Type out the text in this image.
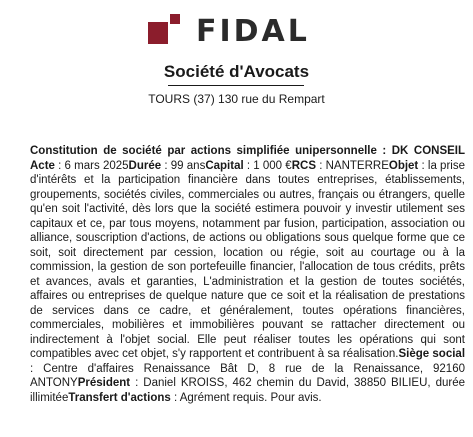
FIDAL
Société d'Avocats
TOURS (37) 130 rue du Rempart
Constitution de société par actions simplifiée unipersonnelle : DK CONSEIL Acte : 6 mars 2025Durée : 99 ansCapital : 1 000 €RCS : NANTERREObjet : la prise d'intérêts et la participation financière dans toutes entreprises, établissements, groupements, sociétés civiles, commerciales ou autres, français ou étrangers, quelle qu'en soit l'activité, dès lors que la société estimera pouvoir y investir utilement ses capitaux et ce, par tous moyens, notamment par fusion, participation, association ou alliance, souscription d'actions, de actions ou obligations sous quelque forme que ce soit, soit directement par cession, location ou régie, soit au courtage ou à la commission, la gestion de son portefeuille financier, l'allocation de tous crédits, prêts et avances, avals et garanties, L'administration et la gestion de toutes sociétés, affaires ou entreprises de quelque nature que ce soit et la réalisation de prestations de services dans ce cadre, et généralement, toutes opérations financières, commerciales, mobilières et immobilières pouvant se rattacher directement ou indirectement à l'objet social. Elle peut réaliser toutes les opérations qui sont compatibles avec cet objet, s'y rapportent et contribuent à sa réalisation.Siège social : Centre d'affaires Renaissance Bât D, 8 rue de la Renaissance, 92160 ANTONYPrésident : Daniel KROISS, 462 chemin du David, 38850 BILIEU, durée illimitéeTransfert d'actions : Agrément requis. Pour avis.
